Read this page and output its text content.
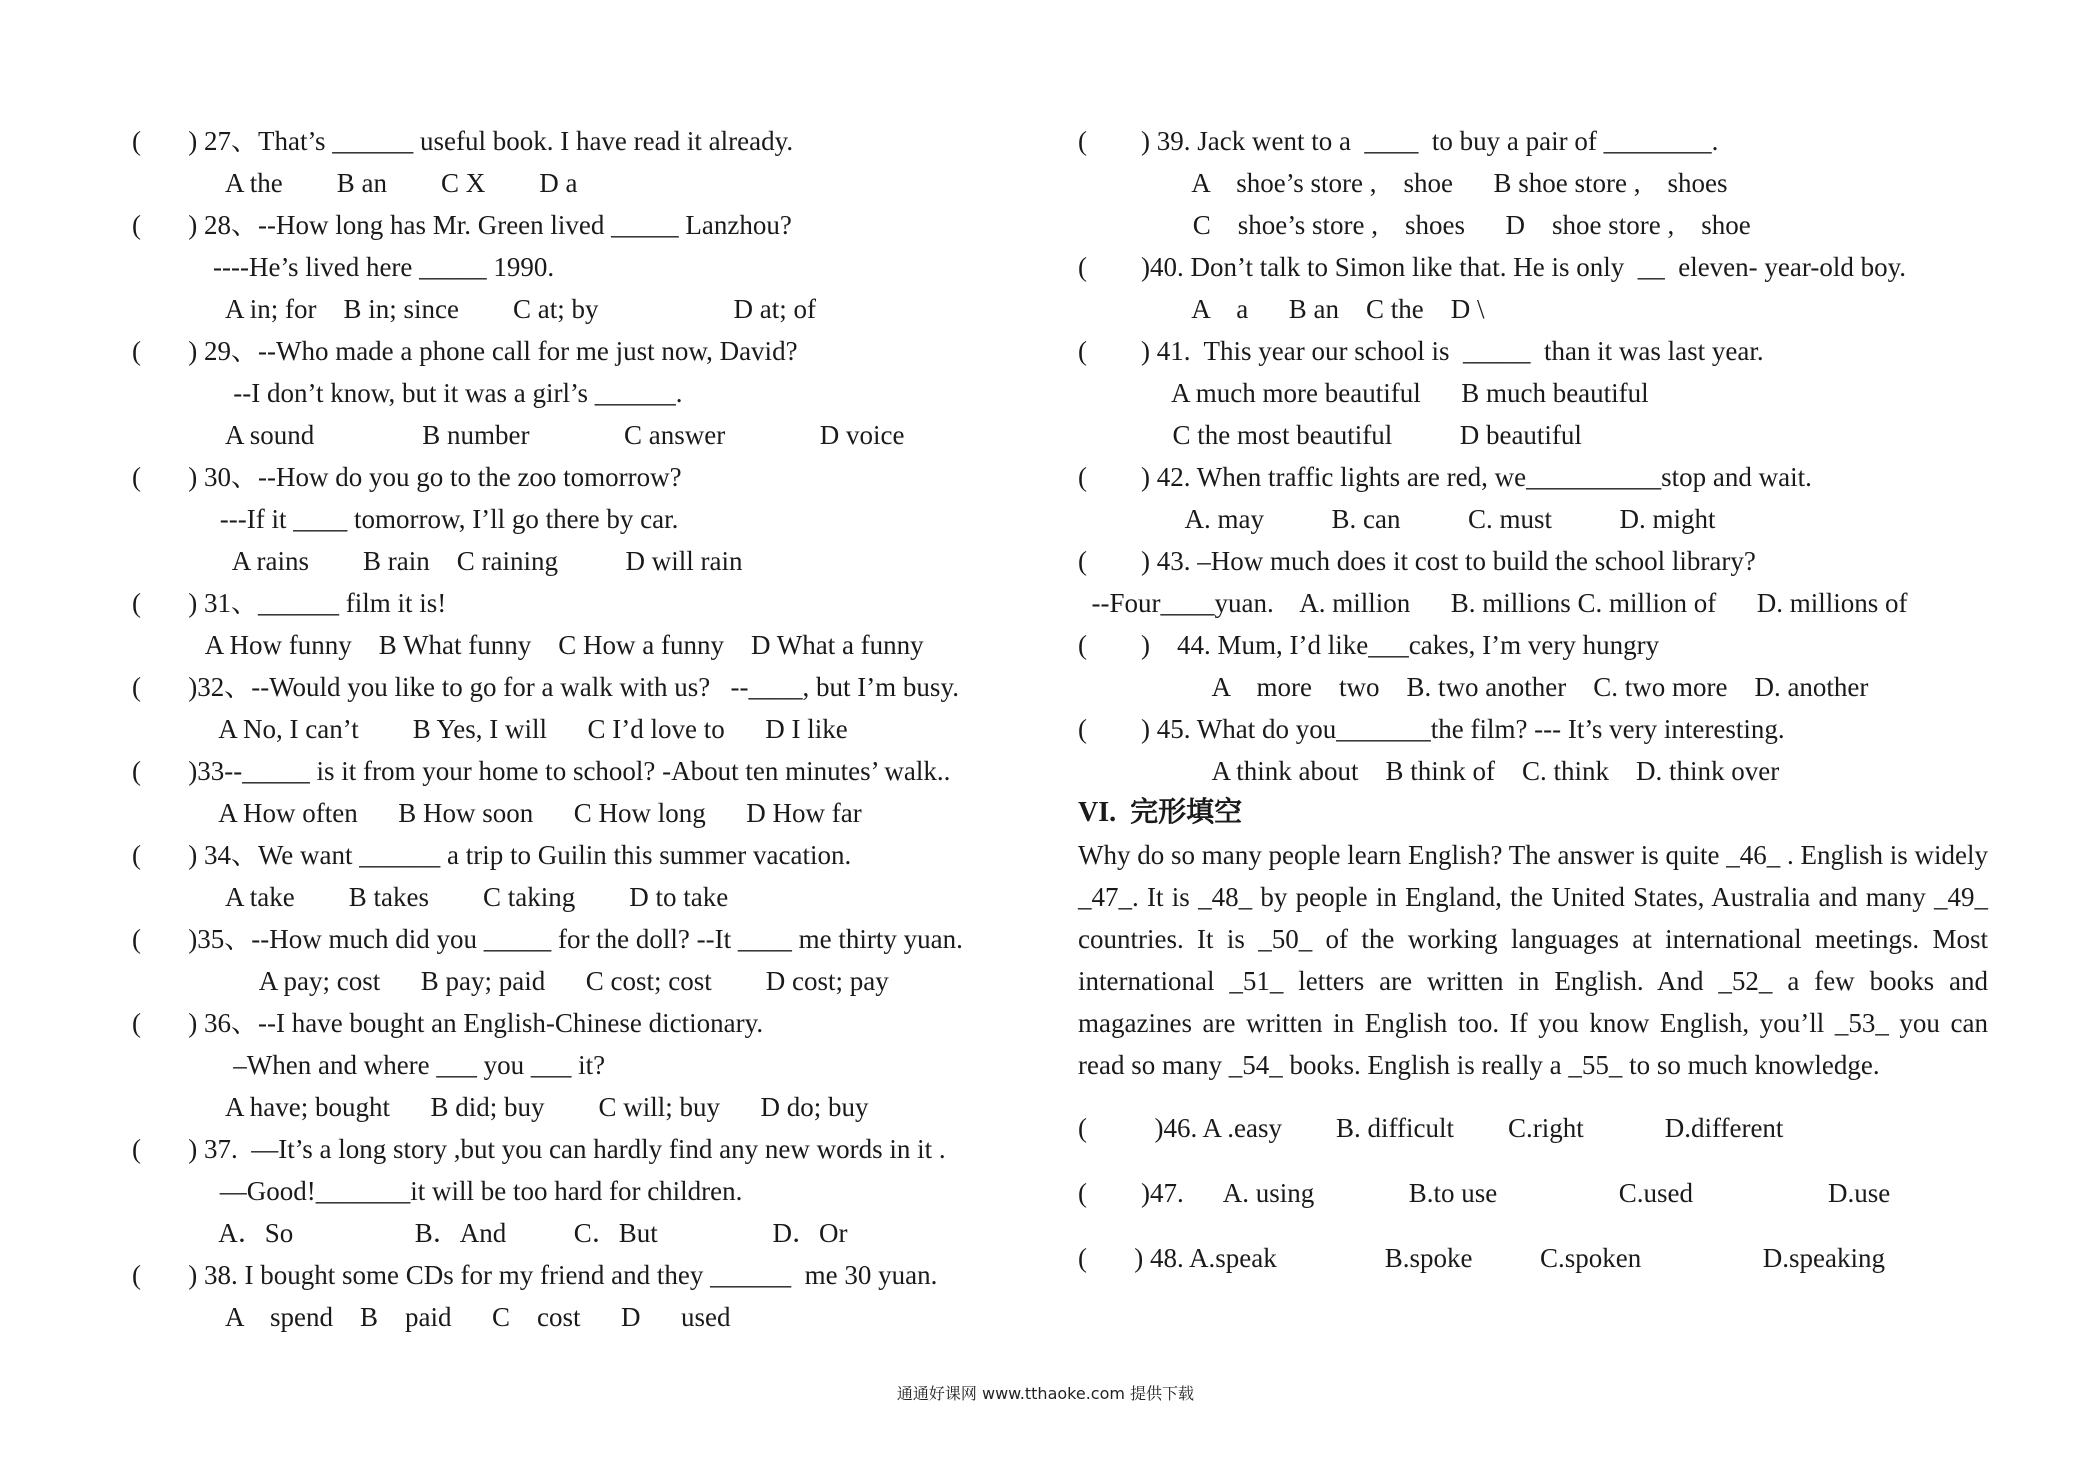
(       ) 27、That’s ______ useful book. I have read it already.
A the        B an        C X        D a
(       ) 28、--How long has Mr. Green lived _____ Lanzhou?
----He’s lived here _____ 1990.
A in; for    B in; since        C at; by                    D at; of
(       ) 29、--Who made a phone call for me just now, David?
--I don’t know, but it was a girl’s ______.
A sound                B number              C answer              D voice
(       ) 30、--How do you go to the zoo tomorrow?
---If it ____ tomorrow, I’ll go there by car.
A rains        B rain    C raining          D will rain
(       ) 31、______ film it is!
A How funny    B What funny    C How a funny    D What a funny
(       )32、--Would you like to go for a walk with us?   --____, but I’m busy.
A No, I can’t        B Yes, I will      C I’d love to      D I like
(       )33--_____ is it from your home to school? -About ten minutes’ walk..
A How often      B How soon      C How long      D How far
(       ) 34、We want ______ a trip to Guilin this summer vacation.
A take        B takes        C taking        D to take
(       )35、--How much did you _____ for the doll? --It ____ me thirty yuan.
A pay; cost      B pay; paid      C cost; cost        D cost; pay
(       ) 36、--I have bought an English-Chinese dictionary.
–When and where ___ you ___ it?
A have; bought      B did; buy        C will; buy      D do; buy
(       ) 37.  —It’s a long story ,but you can hardly find any new words in it .
—Good!_______it will be too hard for children.
A．So                  B．And          C．But                 D．Or
(       ) 38. I bought some CDs for my friend and they ______  me 30 yuan.
A    spend    B    paid      C    cost      D      used
(        ) 39. Jack went to a  ____  to buy a pair of ________.
A    shoe’s store ,    shoe      B shoe store ,    shoes
C    shoe’s store ,    shoes      D    shoe store ,    shoe
(        )40. Don’t talk to Simon like that. He is only  __  eleven- year-old boy.
A    a      B an    C the    D \
(        ) 41.  This year our school is  _____  than it was last year.
A much more beautiful      B much beautiful
C the most beautiful          D beautiful
(        ) 42. When traffic lights are red, we__________stop and wait.
A. may          B. can          C. must          D. might
(        ) 43. –How much does it cost to build the school library?
--Four____yuan.    A. million      B. millions C. million of      D. millions of
(        )    44. Mum, I’d like___cakes, I’m very hungry
A    more    two    B. two another    C. two more    D. another
(        ) 45. What do you_______the film? --- It’s very interesting.
A think about    B think of    C. think    D. think over
VI.  完形填空

Why do so many people learn English? The answer is quite _46_ . English is widely _47_. It is _48_ by people in England, the United States, Australia and many _49_ countries. It is _50_ of the working languages at international meetings. Most international _51_ letters are written in English. And _52_ a few books and magazines are written in English too. If you know English, you’ll _53_ you can read so many _54_ books. English is really a _55_ to so much knowledge.

(          )46. A .easy        B. difficult        C.right            D.different
(        )47.      A. using              B.to use                  C.used                    D.use
(       ) 48. A.speak                B.spoke          C.spoken                  D.speaking
通通好课网 www.tthaoke.com 提供下载
